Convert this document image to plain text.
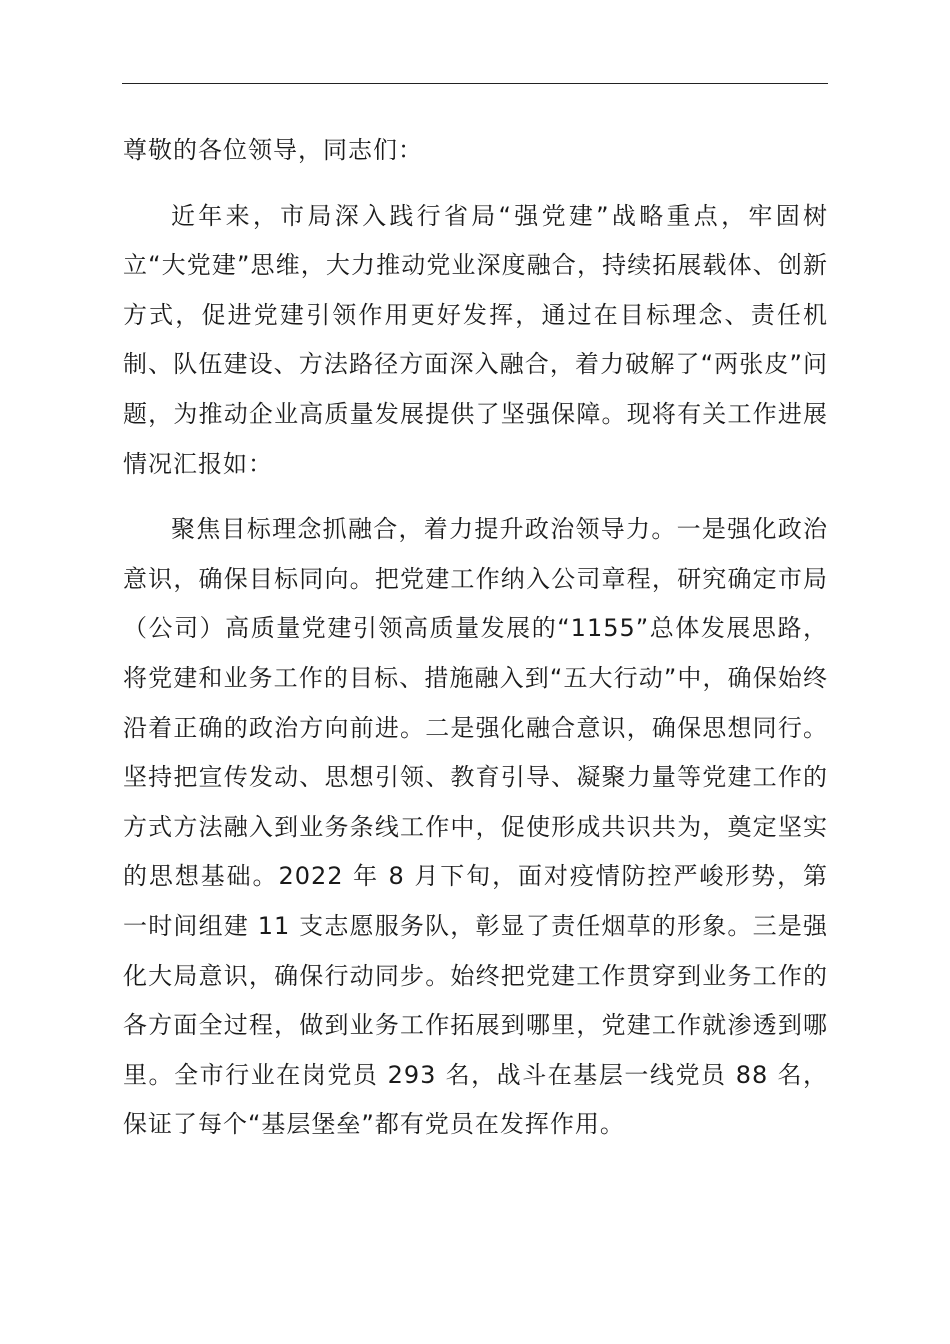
尊敬的各位领导，同志们：

近年来，市局深入践行省局“强党建”战略重点，牢固树立“大党建”思维，大力推动党业深度融合，持续拓展载体、创新方式，促进党建引领作用更好发挥，通过在目标理念、责任机制、队伍建设、方法路径方面深入融合，着力破解了“两张皮”问题，为推动企业高质量发展提供了坚强保障。现将有关工作进展情况汇报如：

聚焦目标理念抓融合，着力提升政治领导力。一是强化政治意识，确保目标同向。把党建工作纳入公司章程，研究确定市局（公司）高质量党建引领高质量发展的“1155”总体发展思路，将党建和业务工作的目标、措施融入到“五大行动”中，确保始终沿着正确的政治方向前进。二是强化融合意识，确保思想同行。坚持把宣传发动、思想引领、教育引导、凝聚力量等党建工作的方式方法融入到业务条线工作中，促使形成共识共为，奠定坚实的思想基础。2022 年 8 月下旬，面对疫情防控严峻形势，第一时间组建 11 支志愿服务队，彰显了责任烟草的形象。三是强化大局意识，确保行动同步。始终把党建工作贯穿到业务工作的各方面全过程，做到业务工作拓展到哪里，党建工作就渗透到哪里。全市行业在岗党员 293 名，战斗在基层一线党员 88 名，保证了每个“基层堡垒”都有党员在发挥作用。
